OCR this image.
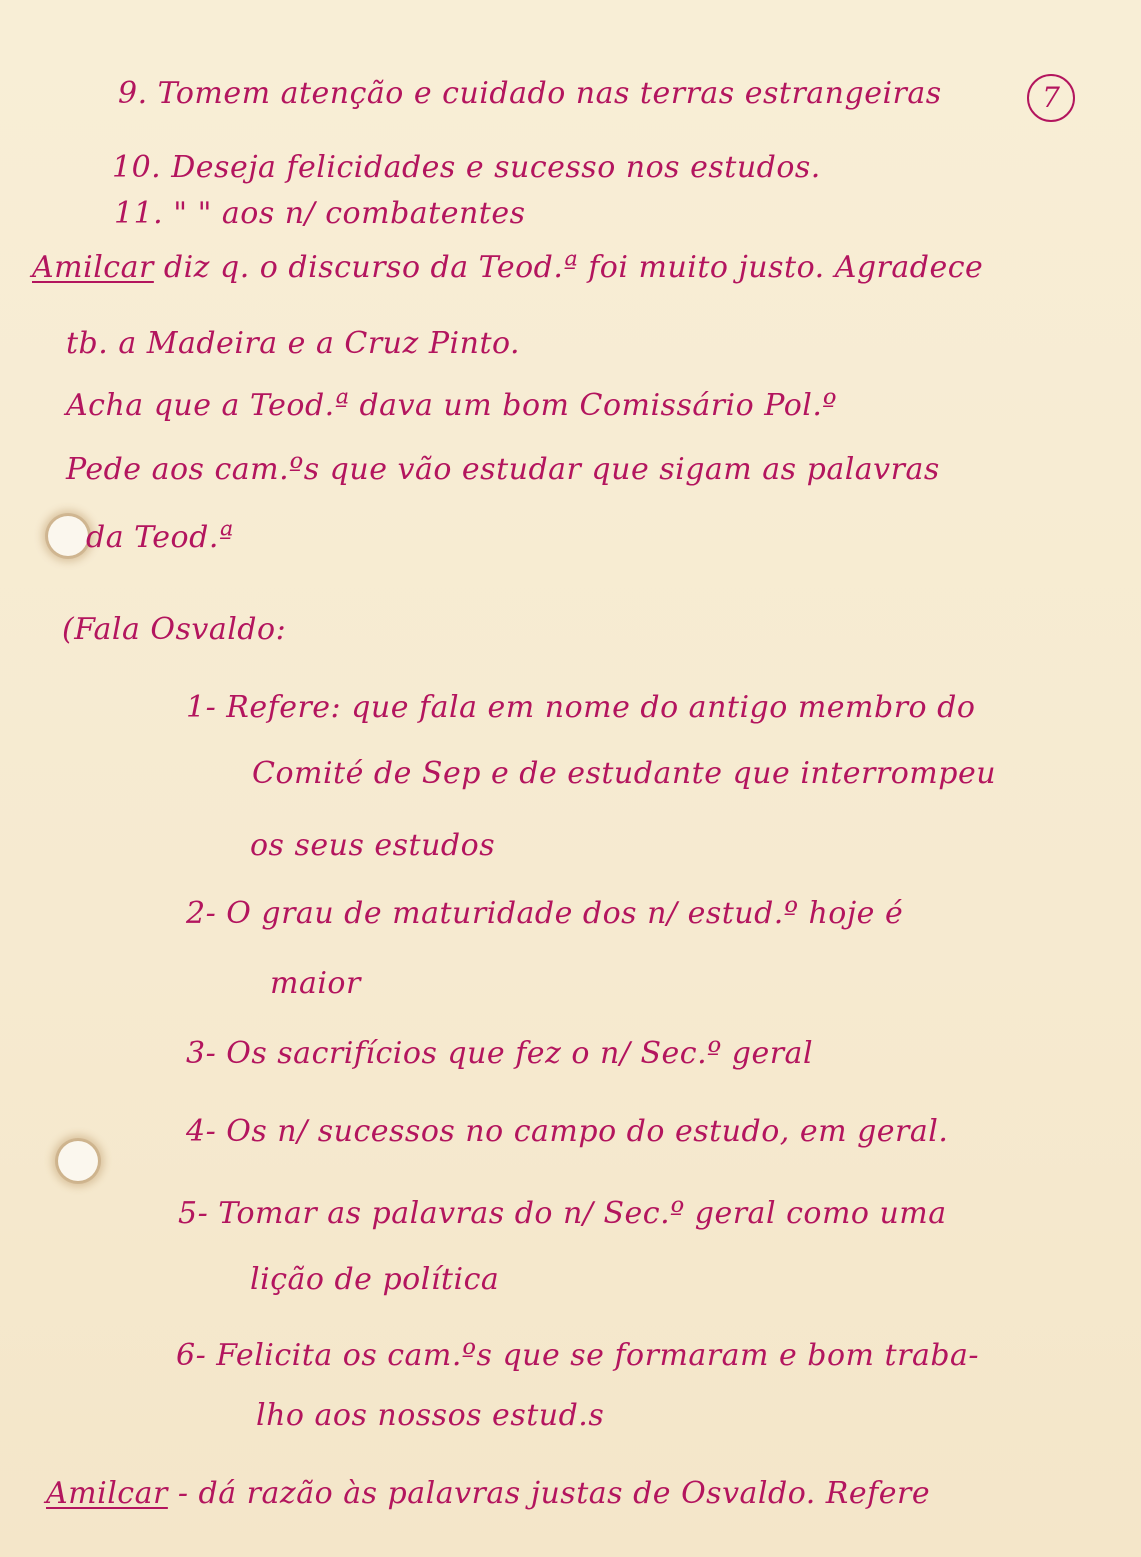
7
9. Tomem atenção e cuidado nas terras estrangeiras
10. Deseja felicidades e sucesso nos estudos.
11. " " aos n/ combatentes
Amilcar diz q. o discurso da Teod.ª foi muito justo. Agradece
tb. a Madeira e a Cruz Pinto.
Acha que a Teod.ª dava um bom Comissário Pol.º
Pede aos cam.ºs que vão estudar que sigam as palavras
da Teod.ª
(Fala Osvaldo:
1- Refere: que fala em nome do antigo membro do
Comité de Sep e de estudante que interrompeu
os seus estudos
2- O grau de maturidade dos n/ estud.º hoje é
maior
3- Os sacrifícios que fez o n/ Sec.º geral
4- Os n/ sucessos no campo do estudo, em geral.
5- Tomar as palavras do n/ Sec.º geral como uma
lição de política
6- Felicita os cam.ºs que se formaram e bom traba-
lho aos nossos estud.s
Amilcar - dá razão às palavras justas de Osvaldo. Refere
